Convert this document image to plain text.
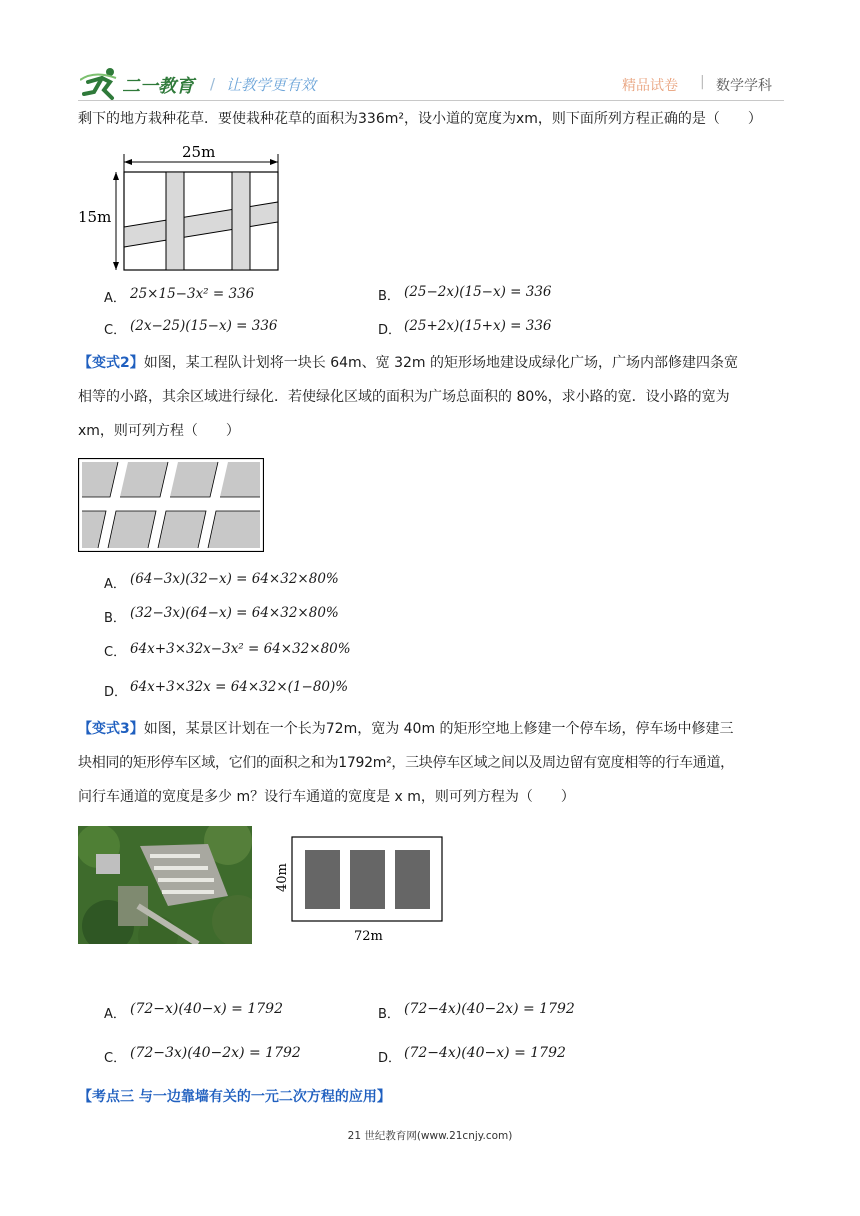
二一教育 / 让教学更有效	精品试卷 | 数学学科
剩下的地方栽种花草．要使栽种花草的面积为336m²，设小道的宽度为xm，则下面所列方程正确的是（　　）
25m
15m
A． 25×15−3x² = 336	B． (25−2x)(15−x) = 336
C． (2x−25)(15−x) = 336	D． (25+2x)(15+x) = 336
【变式2】如图，某工程队计划将一块长 64m、宽 32m 的矩形场地建设成绿化广场，广场内部修建四条宽
相等的小路，其余区域进行绿化．若使绿化区域的面积为广场总面积的 80%，求小路的宽．设小路的宽为
xm，则可列方程（　　）
A． (64−3x)(32−x) = 64×32×80%
B． (32−3x)(64−x) = 64×32×80%
C． 64x+3×32x−3x² = 64×32×80%
D． 64x+3×32x = 64×32×(1−80)%
【变式3】如图，某景区计划在一个长为72m，宽为 40m 的矩形空地上修建一个停车场，停车场中修建三
块相同的矩形停车区域，它们的面积之和为1792m²，三块停车区域之间以及周边留有宽度相等的行车通道，
问行车通道的宽度是多少 m？设行车通道的宽度是 x m，则可列方程为（　　）
40m
72m
A． (72−x)(40−x) = 1792	B． (72−4x)(40−2x) = 1792
C． (72−3x)(40−2x) = 1792	D． (72−4x)(40−x) = 1792
【考点三 与一边靠墙有关的一元二次方程的应用】
21 世纪教育网(www.21cnjy.com)
